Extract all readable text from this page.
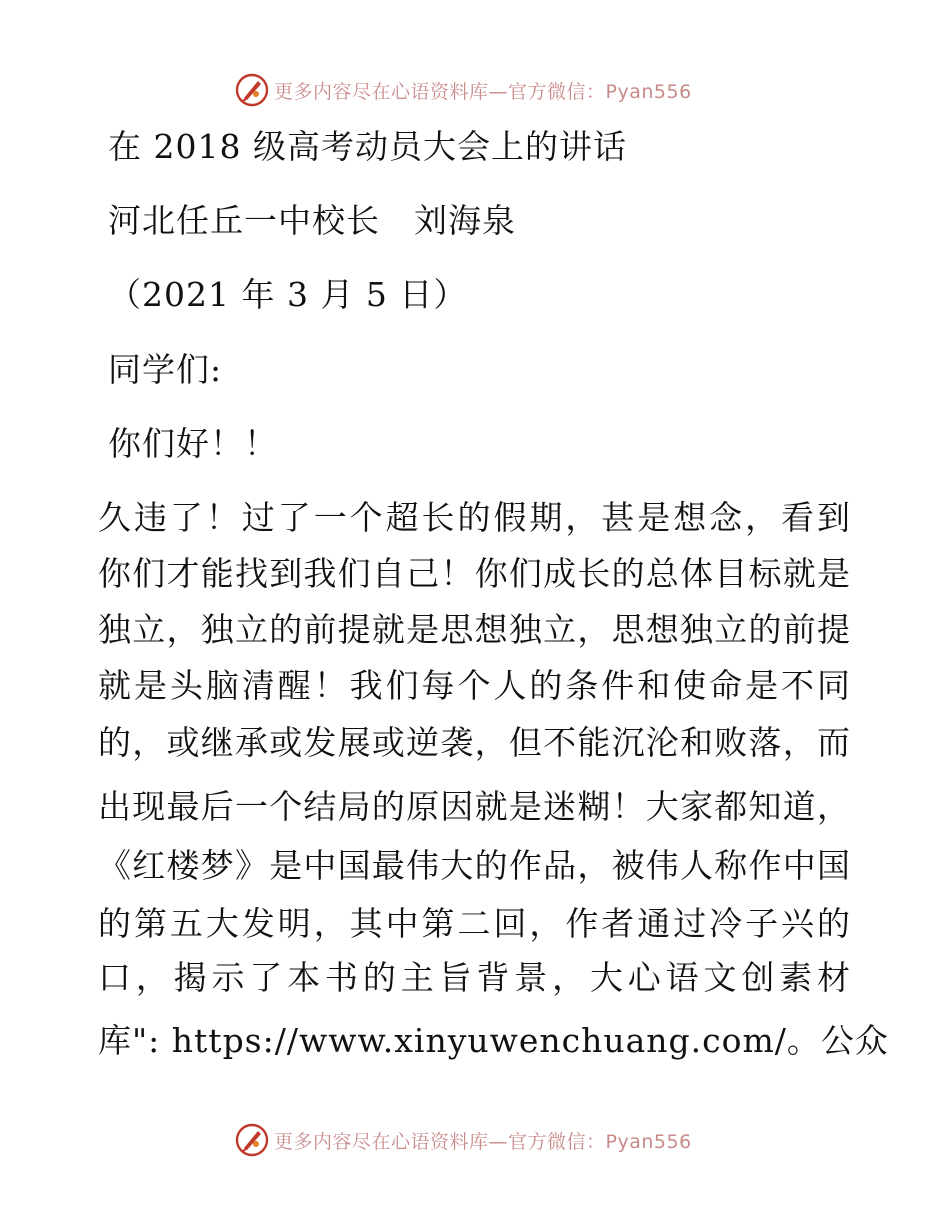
更多内容尽在心语资料库—官方微信：Pyan556
在 2018 级高考动员大会上的讲话
河北任丘一中校长　刘海泉
（2021 年 3 月 5 日）
同学们:
你们好！！
久违了！过了一个超长的假期，甚是想念，看到
你们才能找到我们自己！你们成长的总体目标就是
独立，独立的前提就是思想独立，思想独立的前提
就是头脑清醒！我们每个人的条件和使命是不同
的，或继承或发展或逆袭，但不能沉沦和败落，而
出现最后一个结局的原因就是迷糊！大家都知道，
《红楼梦》是中国最伟大的作品，被伟人称作中国
的第五大发明，其中第二回，作者通过冷子兴的
口，揭示了本书的主旨背景，大心语文创素材
库": https://www.xinyuwenchuang.com/。公众
更多内容尽在心语资料库—官方微信：Pyan556
